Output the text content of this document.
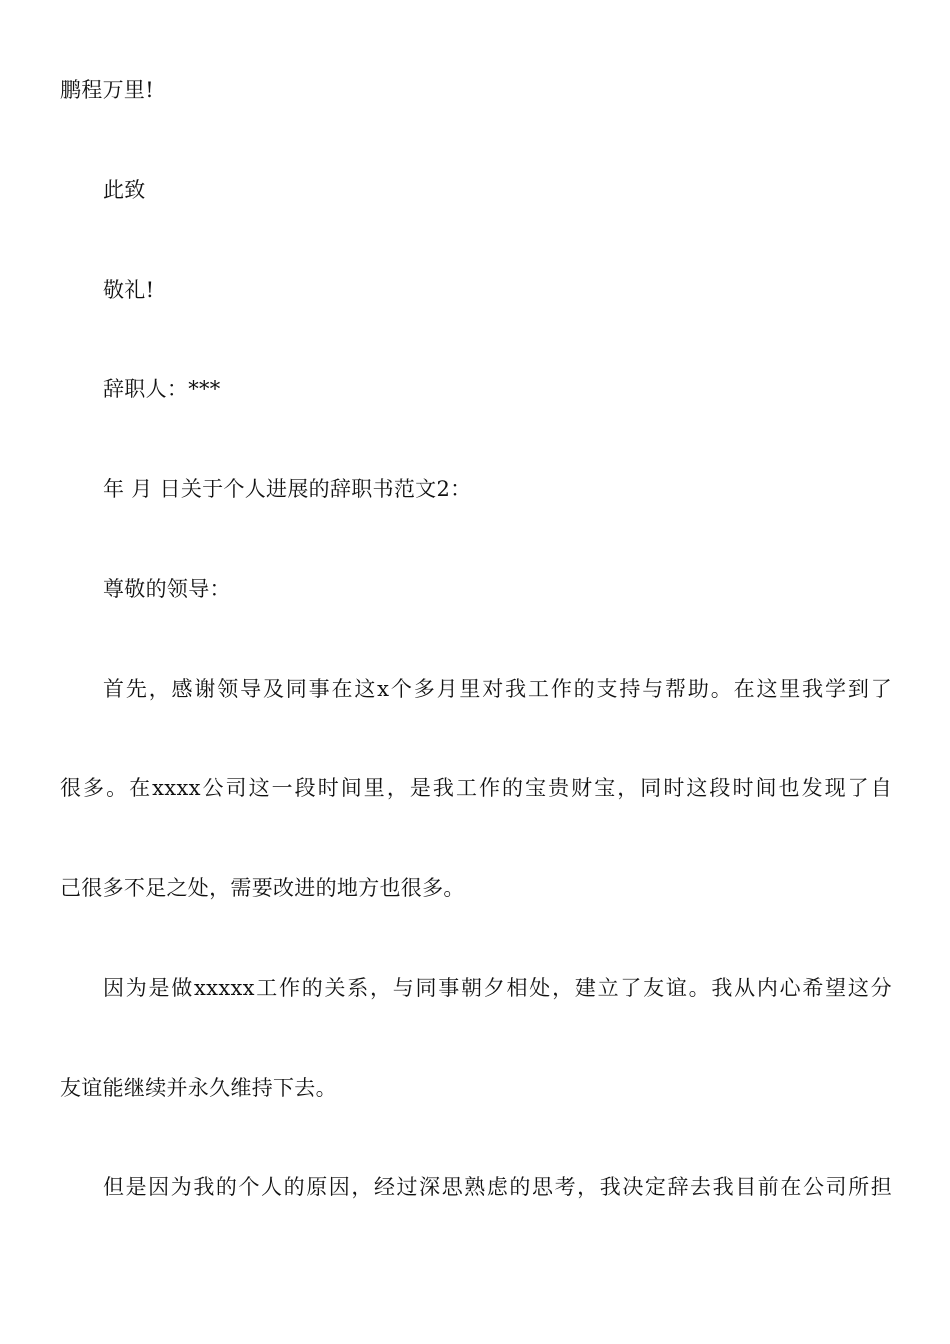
鹏程万里!
此致
敬礼!
辞职人：***
年 月 日关于个人进展的辞职书范文2：
尊敬的领导：
首先，感谢领导及同事在这x个多月里对我工作的支持与帮助。在这里我学到了
很多。在xxxx公司这一段时间里，是我工作的宝贵财宝，同时这段时间也发现了自
己很多不足之处，需要改进的地方也很多。
因为是做xxxxx工作的关系，与同事朝夕相处，建立了友谊。我从内心希望这分
友谊能继续并永久维持下去。
但是因为我的个人的原因，经过深思熟虑的思考，我决定辞去我目前在公司所担
